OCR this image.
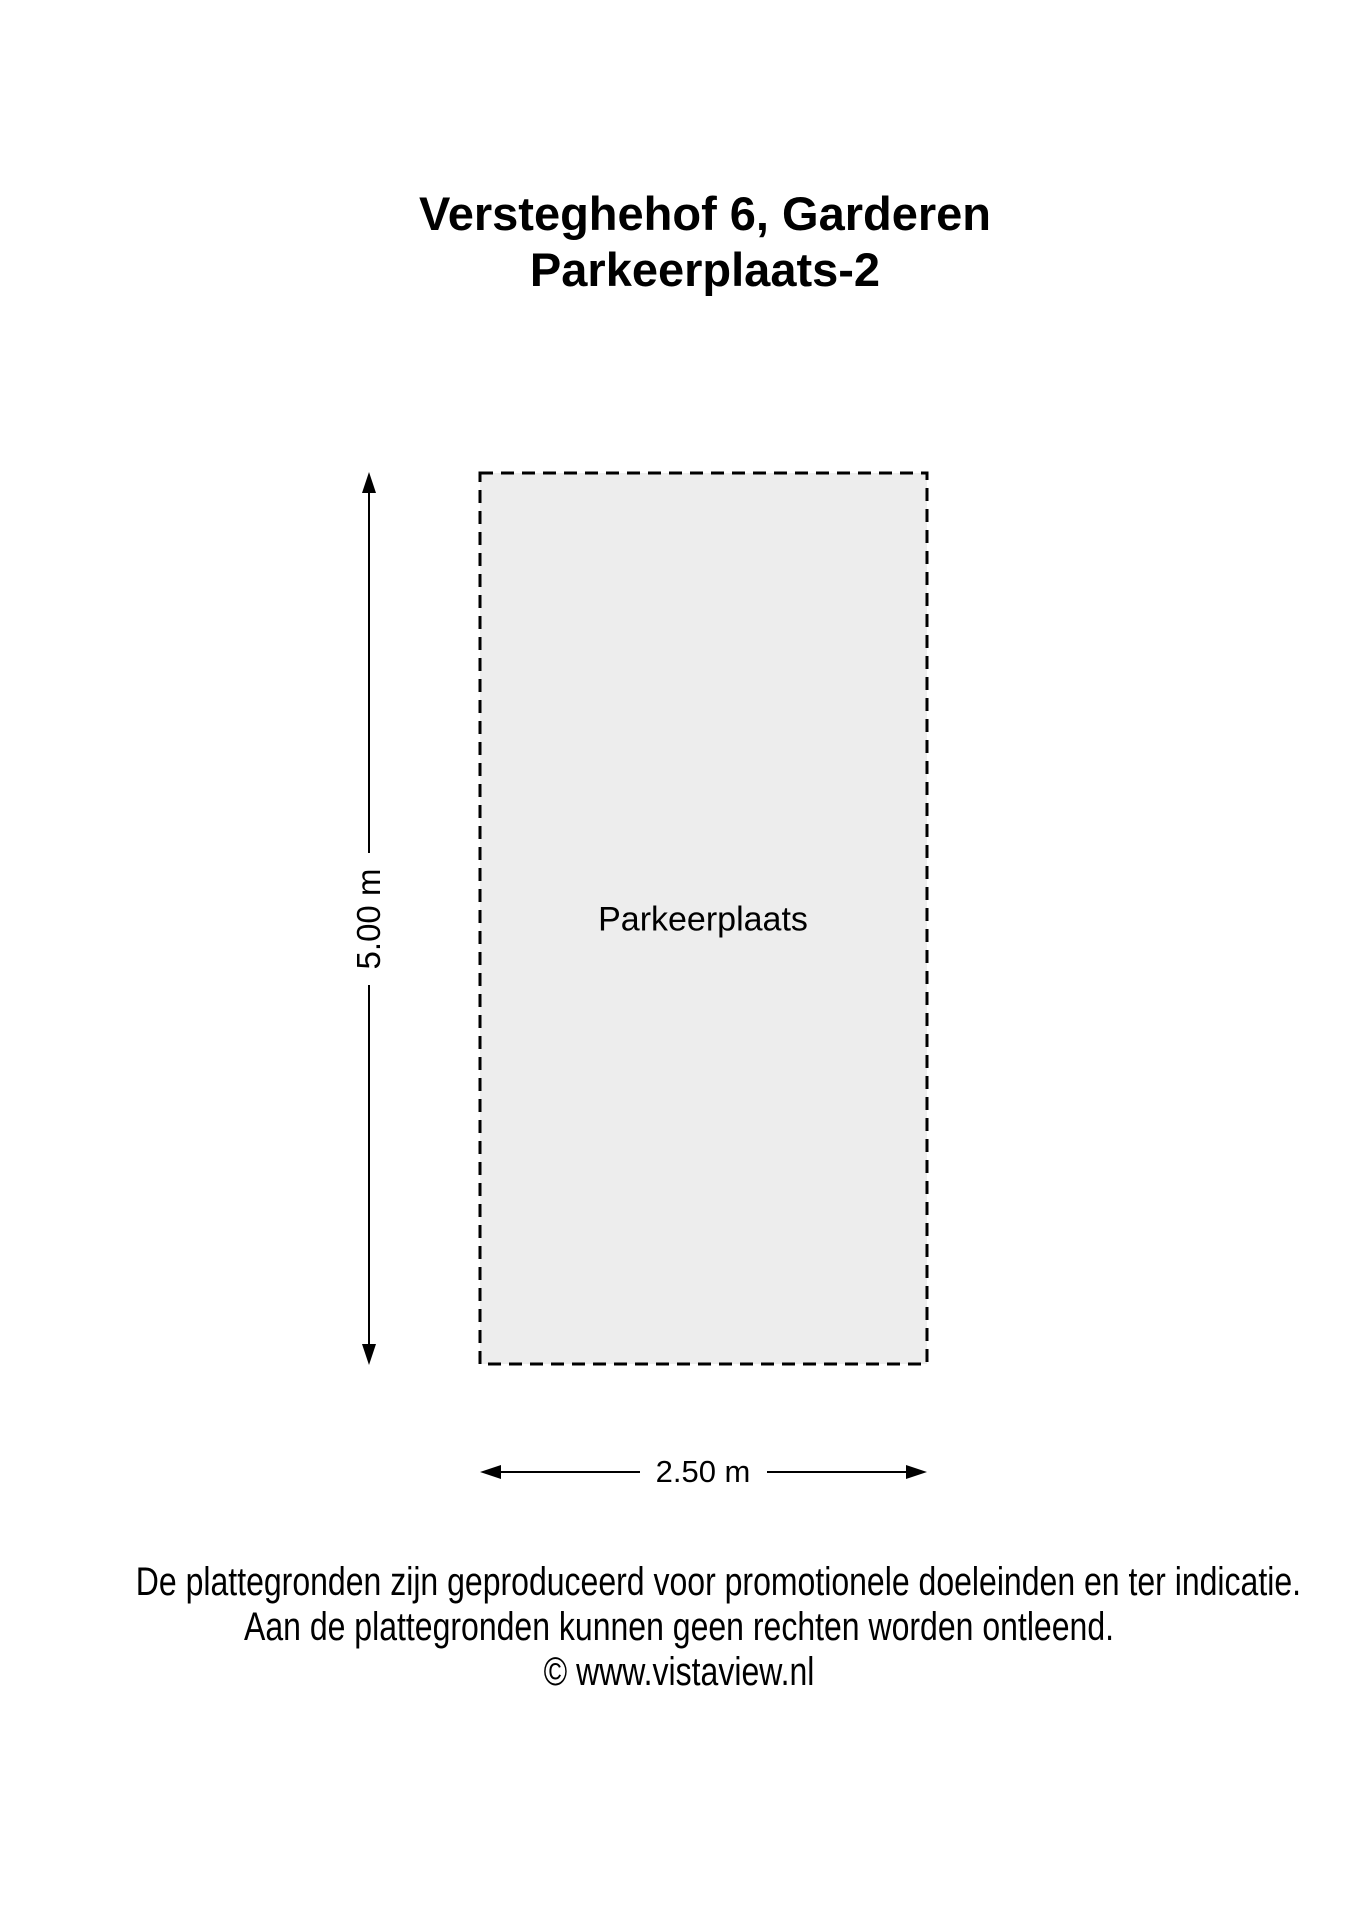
Versteghehof 6, Garderen
Parkeerplaats-2
Parkeerplaats
5.00 m
2.50 m
De plattegronden zijn geproduceerd voor promotionele doeleinden en ter indicatie.
Aan de plattegronden kunnen geen rechten worden ontleend.
© www.vistaview.nl
